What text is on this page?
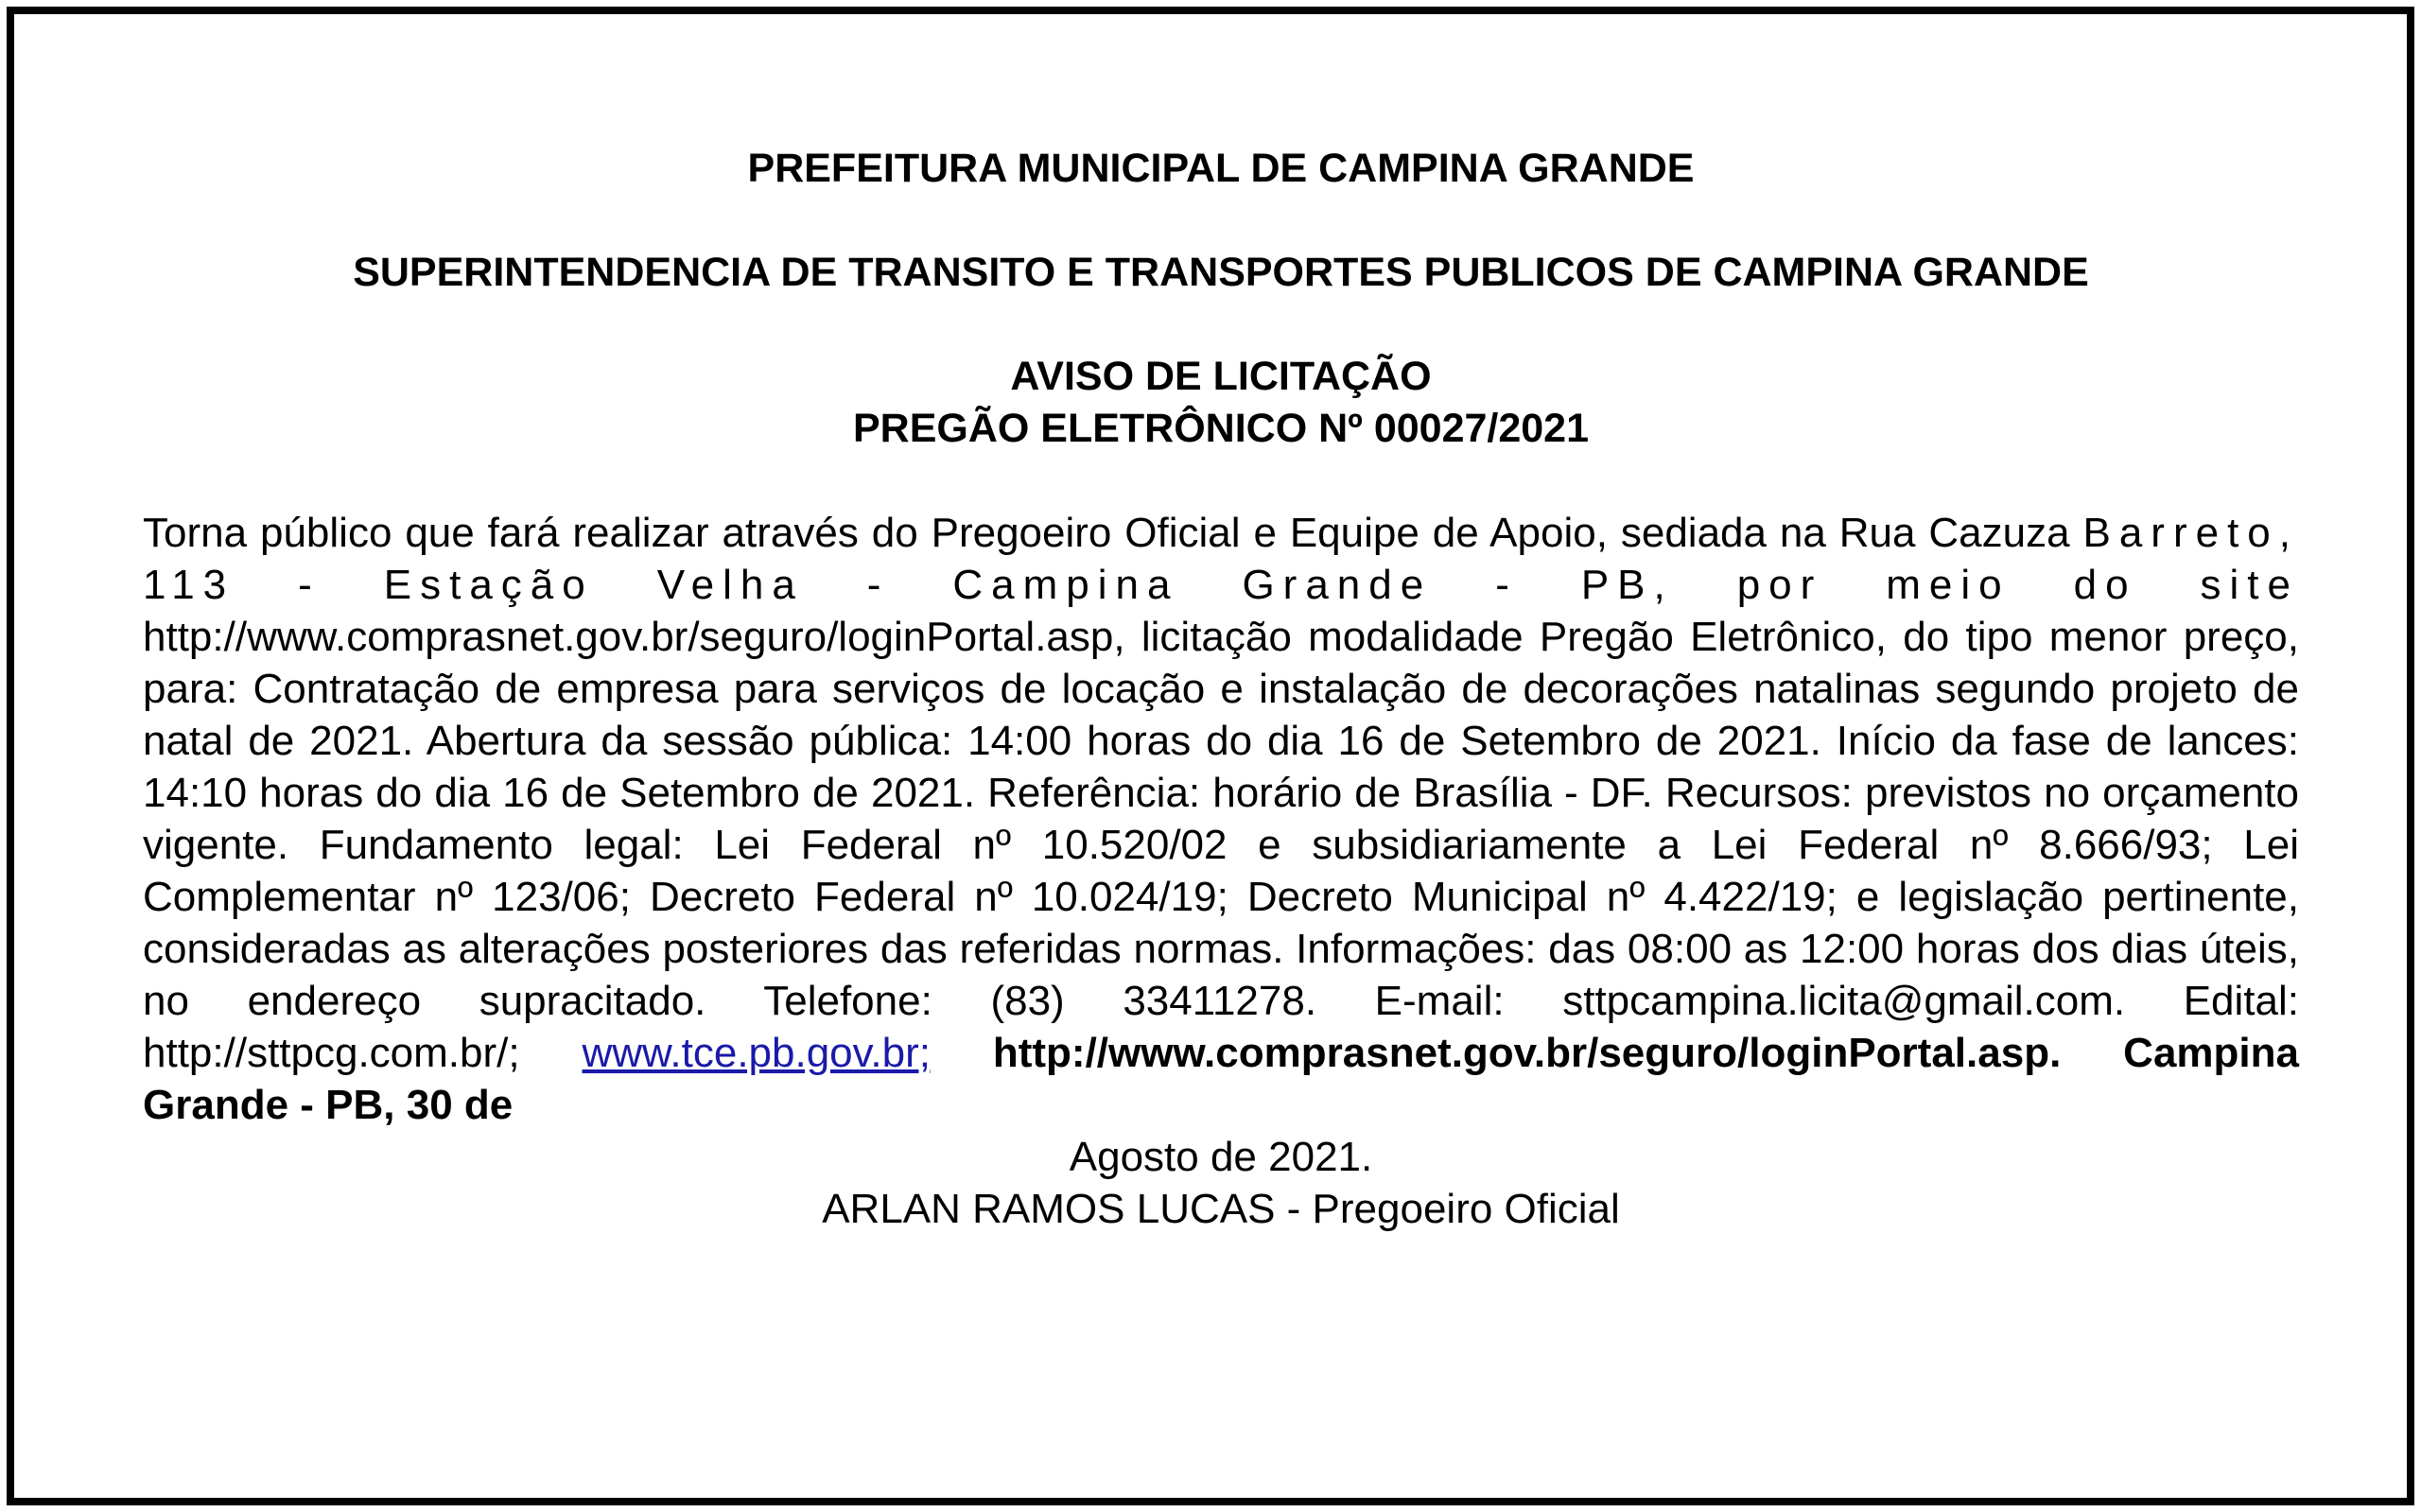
PREFEITURA MUNICIPAL DE CAMPINA GRANDE

SUPERINTENDENCIA DE TRANSITO E TRANSPORTES PUBLICOS DE CAMPINA GRANDE

AVISO DE LICITAÇÃO

PREGÃO ELETRÔNICO Nº 00027/2021

Torna público que fará realizar através do Pregoeiro Oficial e Equipe de Apoio, sediada na Rua Cazuza Barreto, 113 - Estação Velha - Campina Grande - PB, por meio do site http://www.comprasnet.gov.br/seguro/loginPortal.asp, licitação modalidade Pregão Eletrônico, do tipo menor preço, para: Contratação de empresa para serviços de locação e instalação de decorações natalinas segundo projeto de natal de 2021. Abertura da sessão pública: 14:00 horas do dia 16 de Setembro de 2021. Início da fase de lances: 14:10 horas do dia 16 de Setembro de 2021. Referência: horário de Brasília - DF. Recursos: previstos no orçamento vigente. Fundamento legal: Lei Federal nº 10.520/02 e subsidiariamente a Lei Federal nº 8.666/93; Lei Complementar nº 123/06; Decreto Federal nº 10.024/19; Decreto Municipal nº 4.422/19; e legislação pertinente, consideradas as alterações posteriores das referidas normas. Informações: das 08:00 as 12:00 horas dos dias úteis, no endereço supracitado. Telefone: (83) 33411278. E-mail: sttpcampina.licita@gmail.com. Edital: http://sttpcg.com.br/; www.tce.pb.gov.br; http://www.comprasnet.gov.br/seguro/loginPortal.asp. Campina Grande - PB, 30 de

Agosto de 2021.

ARLAN RAMOS LUCAS - Pregoeiro Oficial
